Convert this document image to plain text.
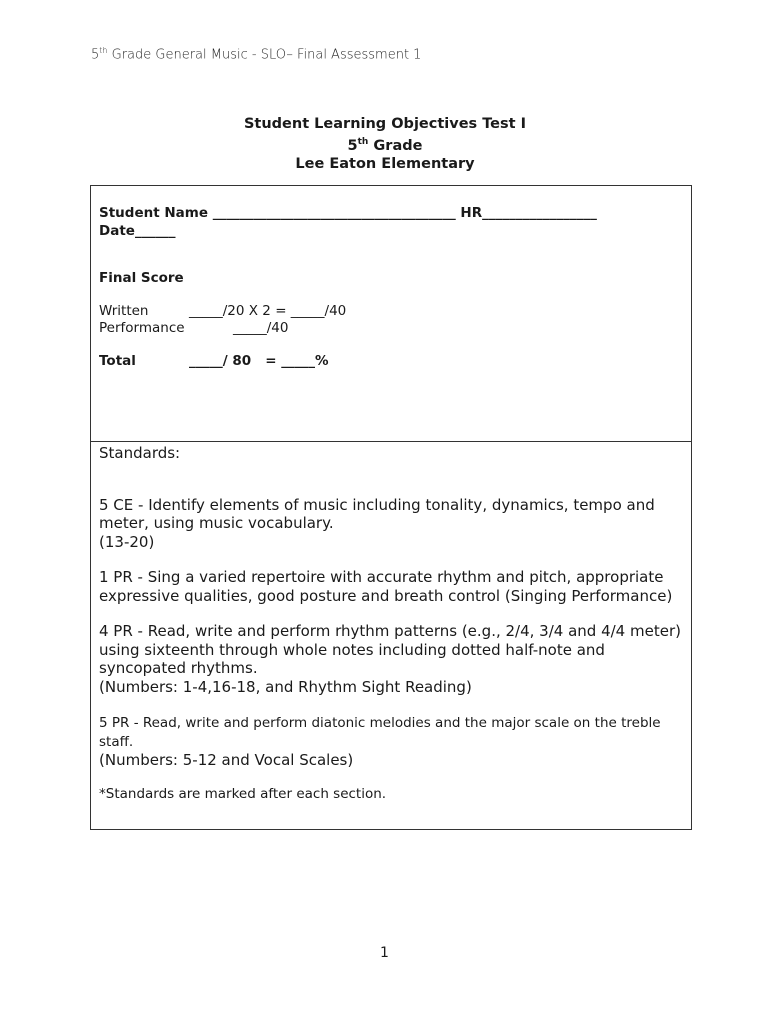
5th Grade General Music - SLO– Final Assessment 1
Student Learning Objectives Test I
5th Grade
Lee Eaton Elementary
Student Name ____________________________________ HR_________________
Date______
Final Score
Written	_____/20 X 2 = _____/40
Performance	_____/40
Total	_____/ 80   = _____%

Standards:

5 CE - Identify elements of music including tonality, dynamics, tempo and
meter, using music vocabulary.
(13-20)

1 PR - Sing a varied repertoire with accurate rhythm and pitch, appropriate
expressive qualities, good posture and breath control (Singing Performance)

4 PR - Read, write and perform rhythm patterns (e.g., 2/4, 3/4 and 4/4 meter)
using sixteenth through whole notes including dotted half-note and
syncopated rhythms.
(Numbers: 1-4,16-18, and Rhythm Sight Reading)

5 PR - Read, write and perform diatonic melodies and the major scale on the treble
staff.
(Numbers: 5-12 and Vocal Scales)

*Standards are marked after each section.

1
